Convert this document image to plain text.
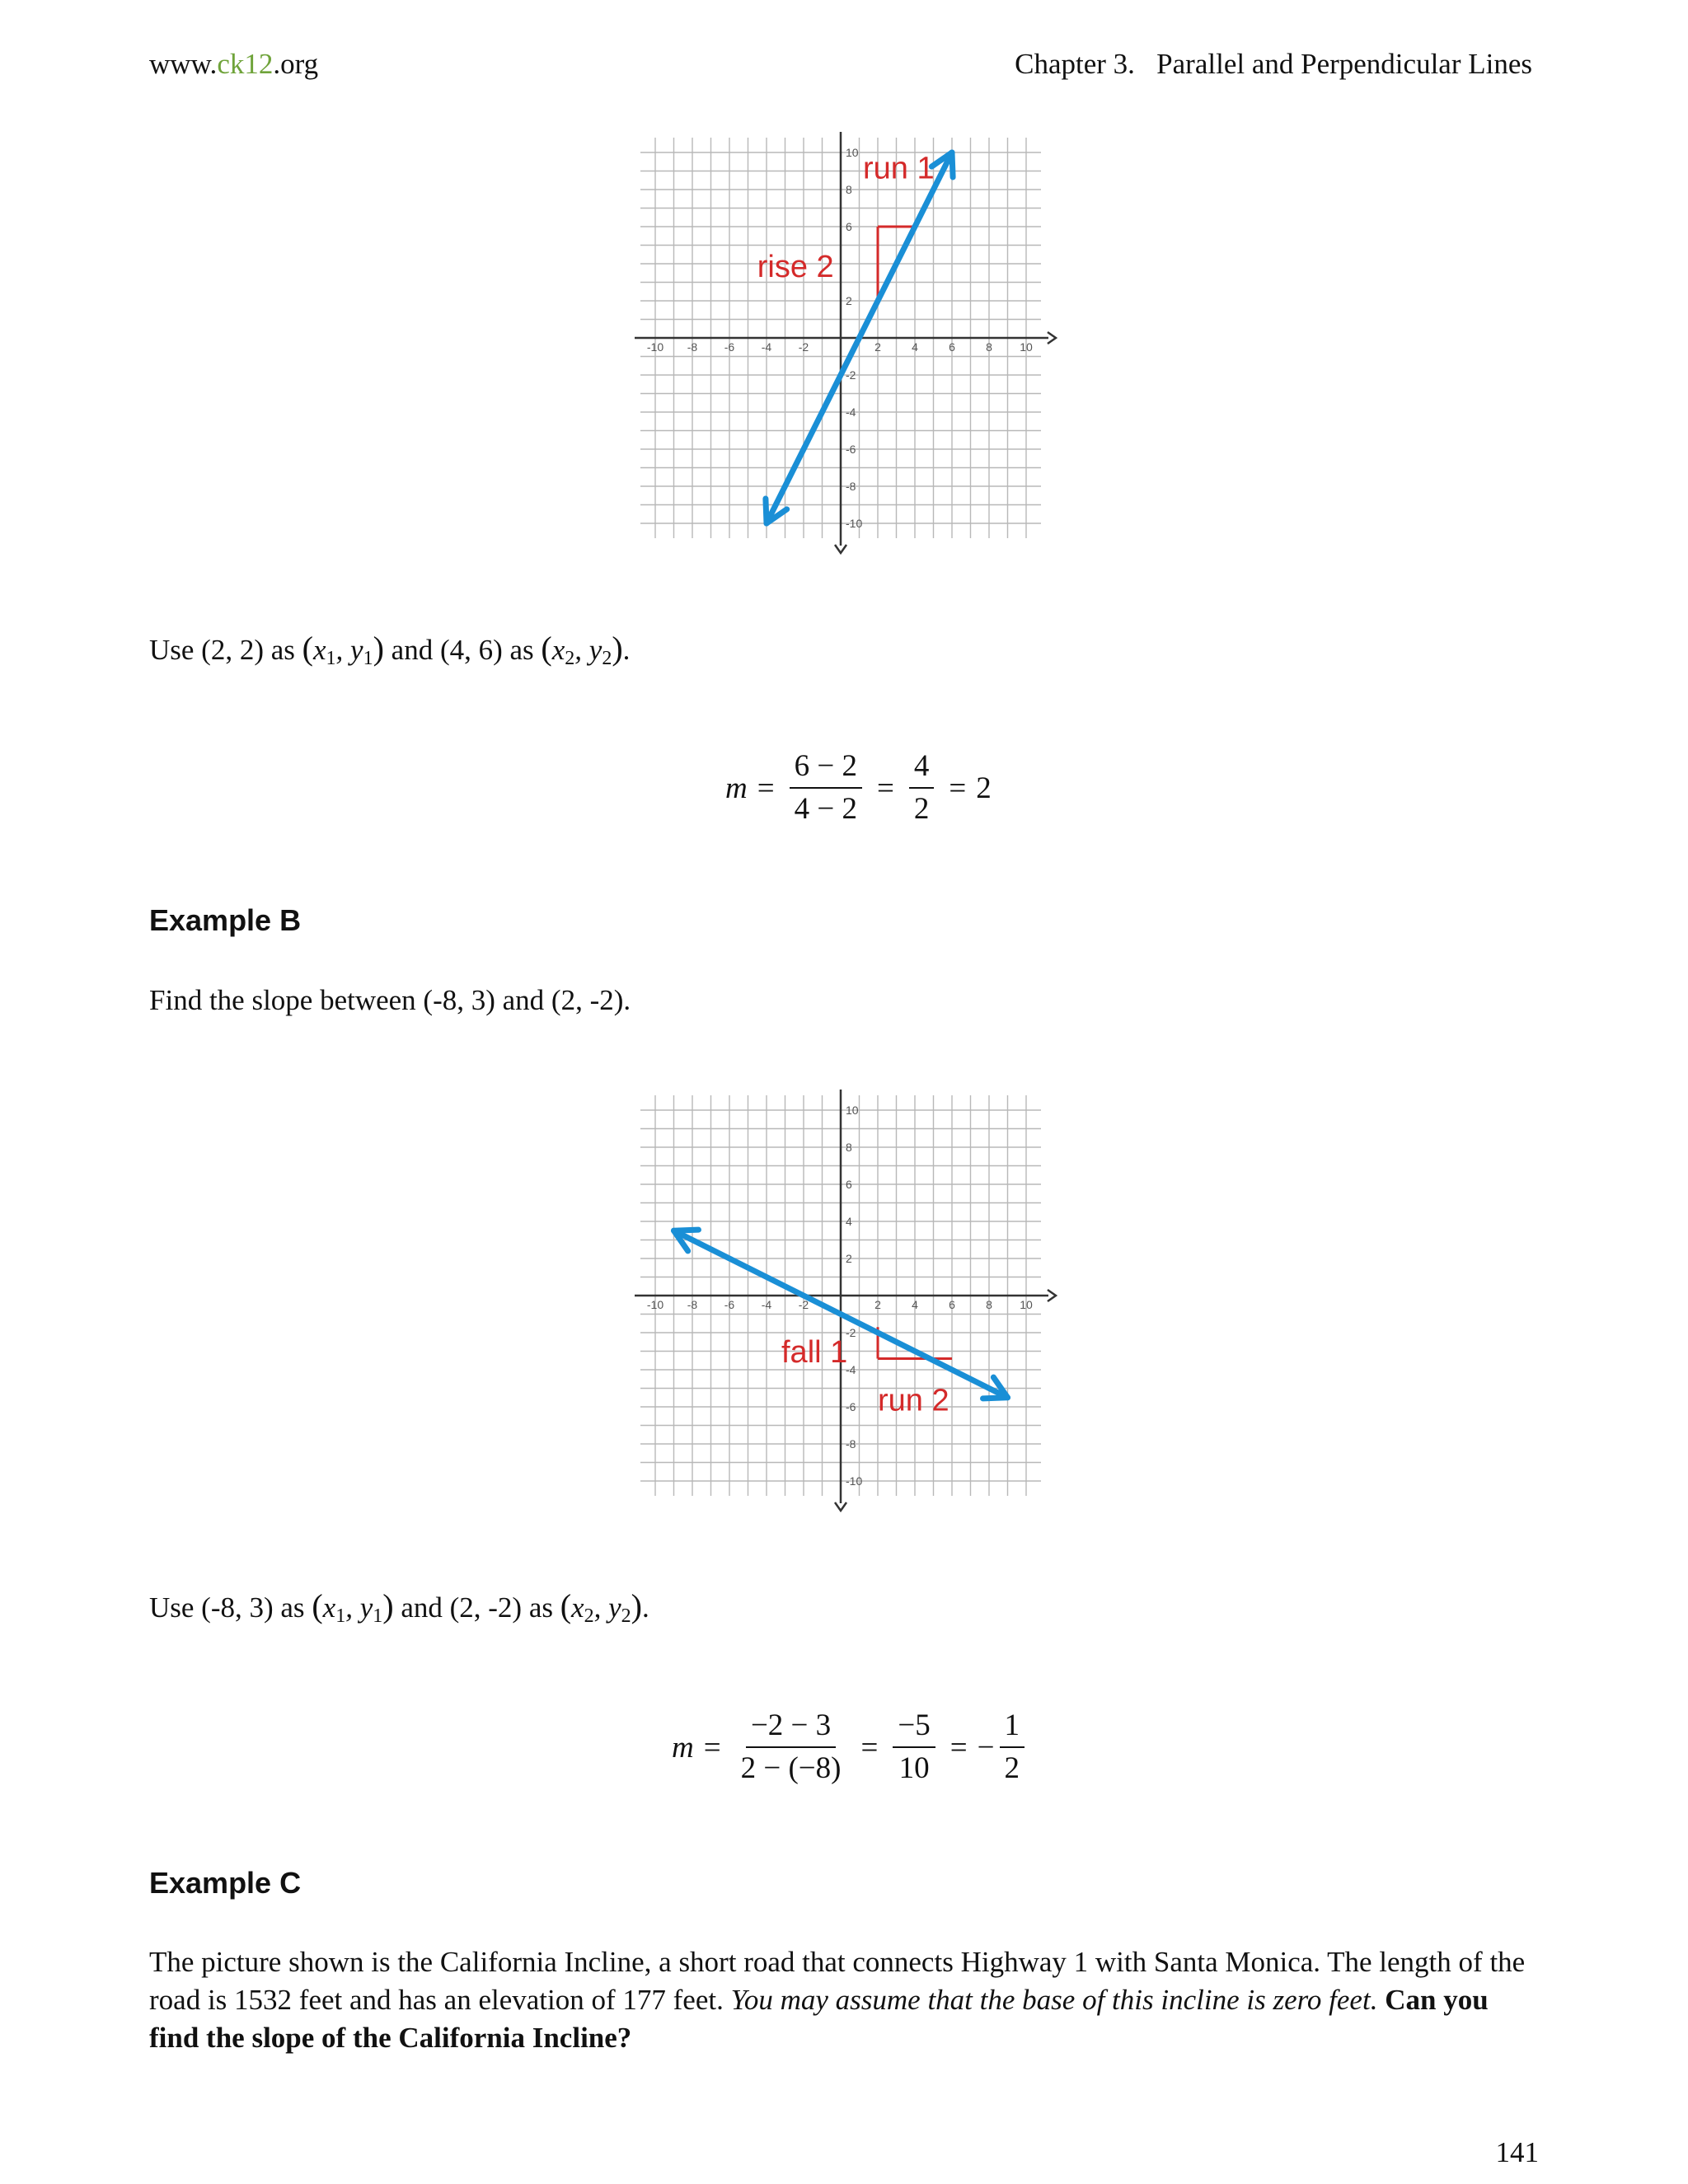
www.ck12.org	Chapter 3.   Parallel and Perpendicular Lines
-10 -8 -6 -4 -2	2	4	6	8 10
10
8
6
2
-2
-4
-6
-8
-10
run 1
rise 2
Use (2, 2) as ($x_1$, $y_1$) and (4, 6) as ($x_2$, $y_2$).
$m = \frac{6 - 2}{4 - 2} = \frac{4}{2} = 2$
Example B
Find the slope between (-8, 3) and (2, -2).
-10 -8 -6 -4 -2	2	4	6	8 10
10
8
6
4
2
-2
-4
-6
-8
-10
fall 1
run 2
Use (-8, 3) as ($x_1$, $y_1$) and (2, -2) as ($x_2$, $y_2$).
$m = \frac{-2 - 3}{2 - (-8)} = \frac{-5}{10}$ = − $\frac{1}{2}$
Example C
The picture shown is the California Incline, a short road that connects Highway 1 with Santa Monica. The length of the road is 1532 feet and has an elevation of 177 feet. You may assume that the base of this incline is zero feet. Can you find the slope of the California Incline?
141
